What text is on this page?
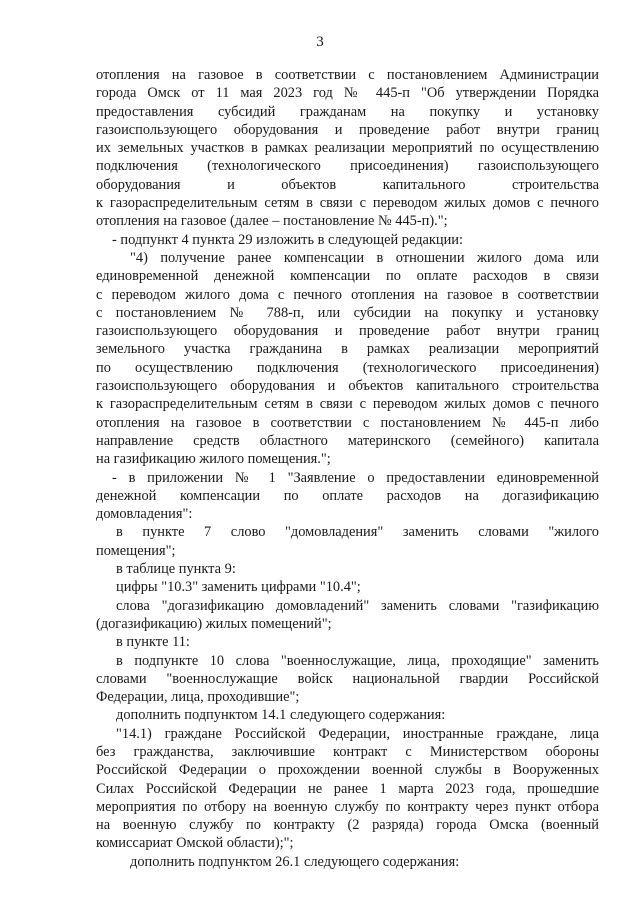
3
отопления на газовое в соответствии с постановлением Администрации
города Омск от 11 мая 2023 год № 445-п "Об утверждении Порядка
предоставления субсидий гражданам на покупку и установку
газоиспользующего оборудования и проведение работ внутри границ
их земельных участков в рамках реализации мероприятий по осуществлению
подключения (технологического присоединения) газоиспользующего
оборудования и объектов капитального строительства
к газораспределительным сетям в связи с переводом жилых домов с печного
отопления на газовое (далее – постановление № 445-п).";
- подпункт 4 пункта 29 изложить в следующей редакции:
"4) получение ранее компенсации в отношении жилого дома или
единовременной денежной компенсации по оплате расходов в связи
с переводом жилого дома с печного отопления на газовое в соответствии
с постановлением № 788-п, или субсидии на покупку и установку
газоиспользующего оборудования и проведение работ внутри границ
земельного участка гражданина в рамках реализации мероприятий
по осуществлению подключения (технологического присоединения)
газоиспользующего оборудования и объектов капитального строительства
к газораспределительным сетям в связи с переводом жилых домов с печного
отопления на газовое в соответствии с постановлением № 445-п либо
направление средств областного материнского (семейного) капитала
на газификацию жилого помещения.";
- в приложении № 1 "Заявление о предоставлении единовременной
денежной компенсации по оплате расходов на догазификацию
домовладения":
в пункте 7 слово "домовладения" заменить словами "жилого
помещения";
в таблице пункта 9:
цифры "10.3" заменить цифрами "10.4";
слова "догазификацию домовладений" заменить словами "газификацию
(догазификацию) жилых помещений";
в пункте 11:
в подпункте 10 слова "военнослужащие, лица, проходящие" заменить
словами "военнослужащие войск национальной гвардии Российской
Федерации, лица, проходившие";
дополнить подпунктом 14.1 следующего содержания:
"14.1) граждане Российской Федерации, иностранные граждане, лица
без гражданства, заключившие контракт с Министерством обороны
Российской Федерации о прохождении военной службы в Вооруженных
Силах Российской Федерации не ранее 1 марта 2023 года, прошедшие
мероприятия по отбору на военную службу по контракту через пункт отбора
на военную службу по контракту (2 разряда) города Омска (военный
комиссариат Омской области);";
дополнить подпунктом 26.1 следующего содержания:
